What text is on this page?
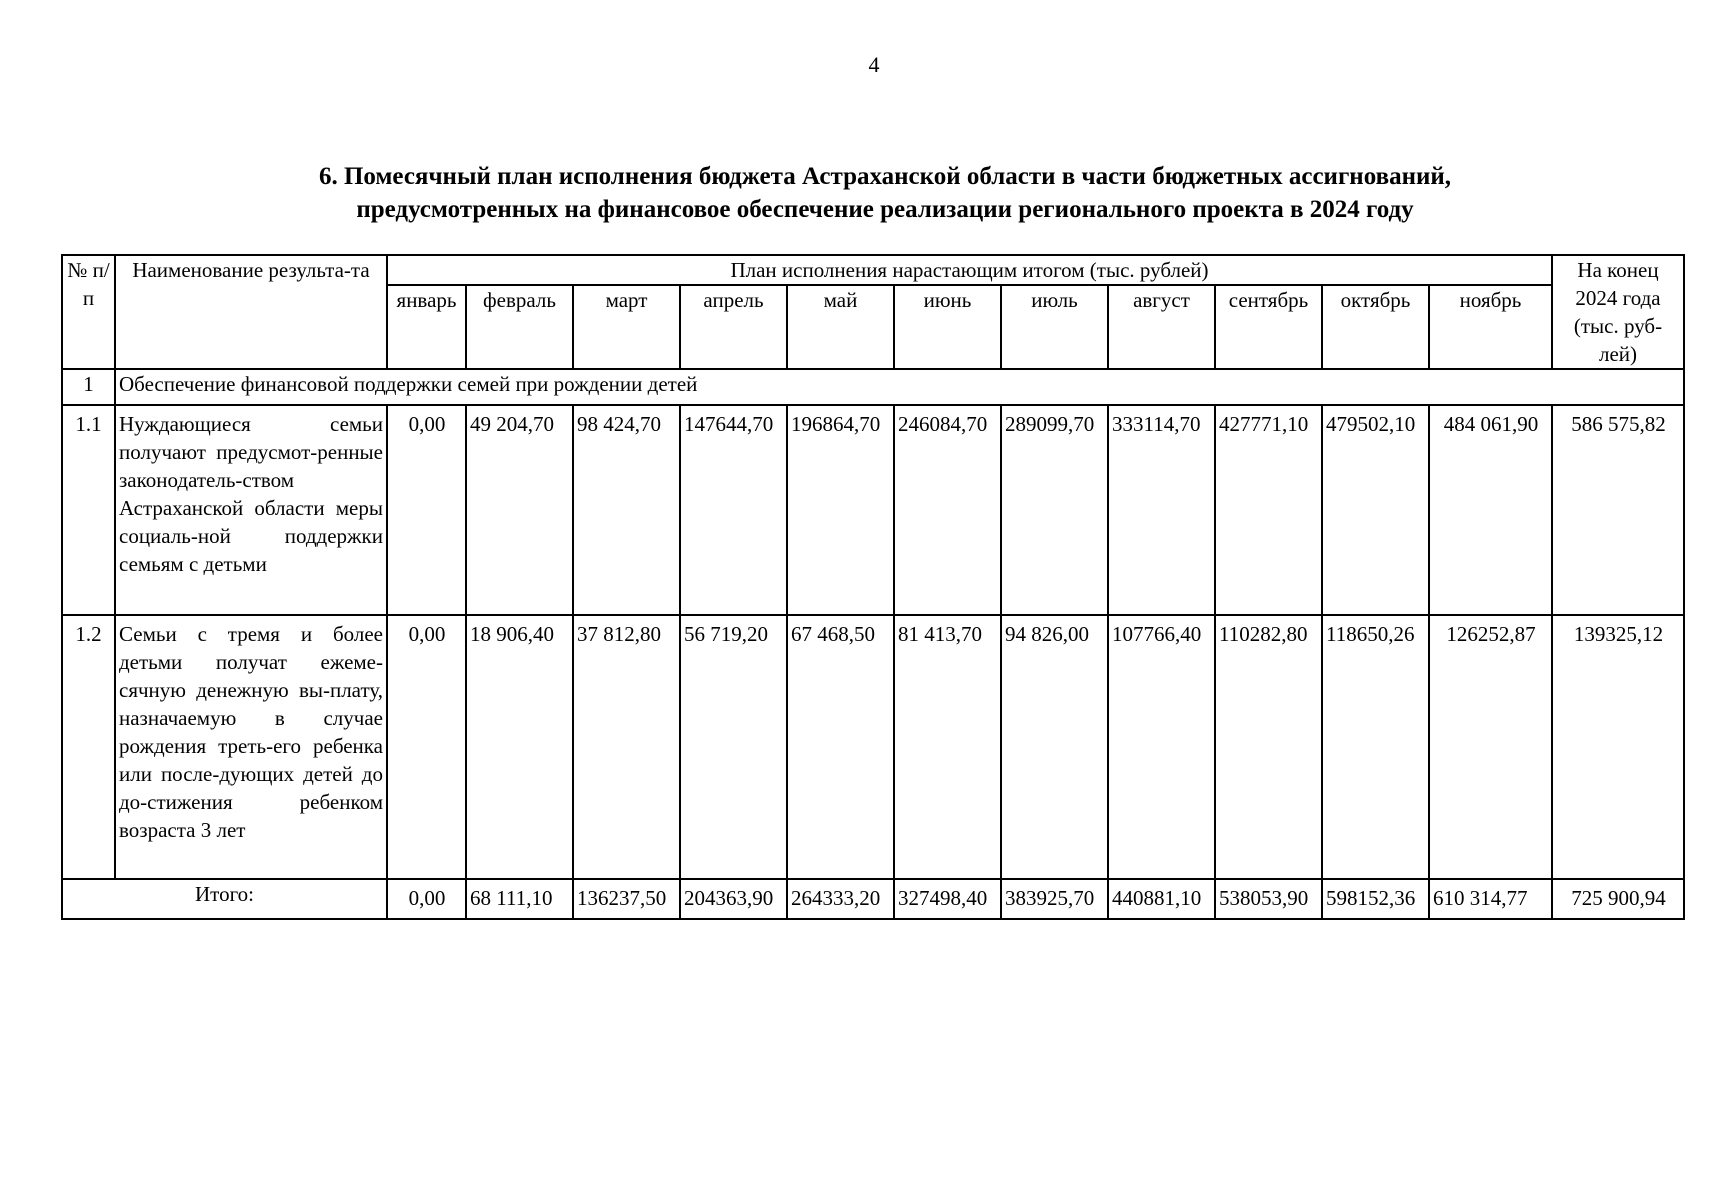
4
6. Помесячный план исполнения бюджета Астраханской области в части бюджетных ассигнований,
предусмотренных на финансовое обеспечение реализации регионального проекта в 2024 году
№ п/п	Наименование результа-та	План исполнения нарастающим итогом (тыс. рублей)											На конец 2024 года (тыс. руб-лей)
		январь	февраль	март	апрель	май	июнь	июль	август	сентябрь	октябрь	ноябрь	
1	Обеспечение финансовой поддержки семей при рождении детей												
1.1	Нуждающиеся семьи получают предусмот-ренные законодатель-ством Астраханской области меры социаль-ной поддержки семьям с детьми	0,00	49 204,70	98 424,70	147644,70	196864,70	246084,70	289099,70	333114,70	427771,10	479502,10	484 061,90	586 575,82
1.2	Семьи с тремя и более детьми получат ежеме-сячную денежную вы-плату, назначаемую в случае рождения треть-его ребенка или после-дующих детей до до-стижения ребенком возраста 3 лет	0,00	18 906,40	37 812,80	56 719,20	67 468,50	81 413,70	94 826,00	107766,40	110282,80	118650,26	126252,87	139325,12
Итого:		0,00	68 111,10	136237,50	204363,90	264333,20	327498,40	383925,70	440881,10	538053,90	598152,36	610 314,77	725 900,94
